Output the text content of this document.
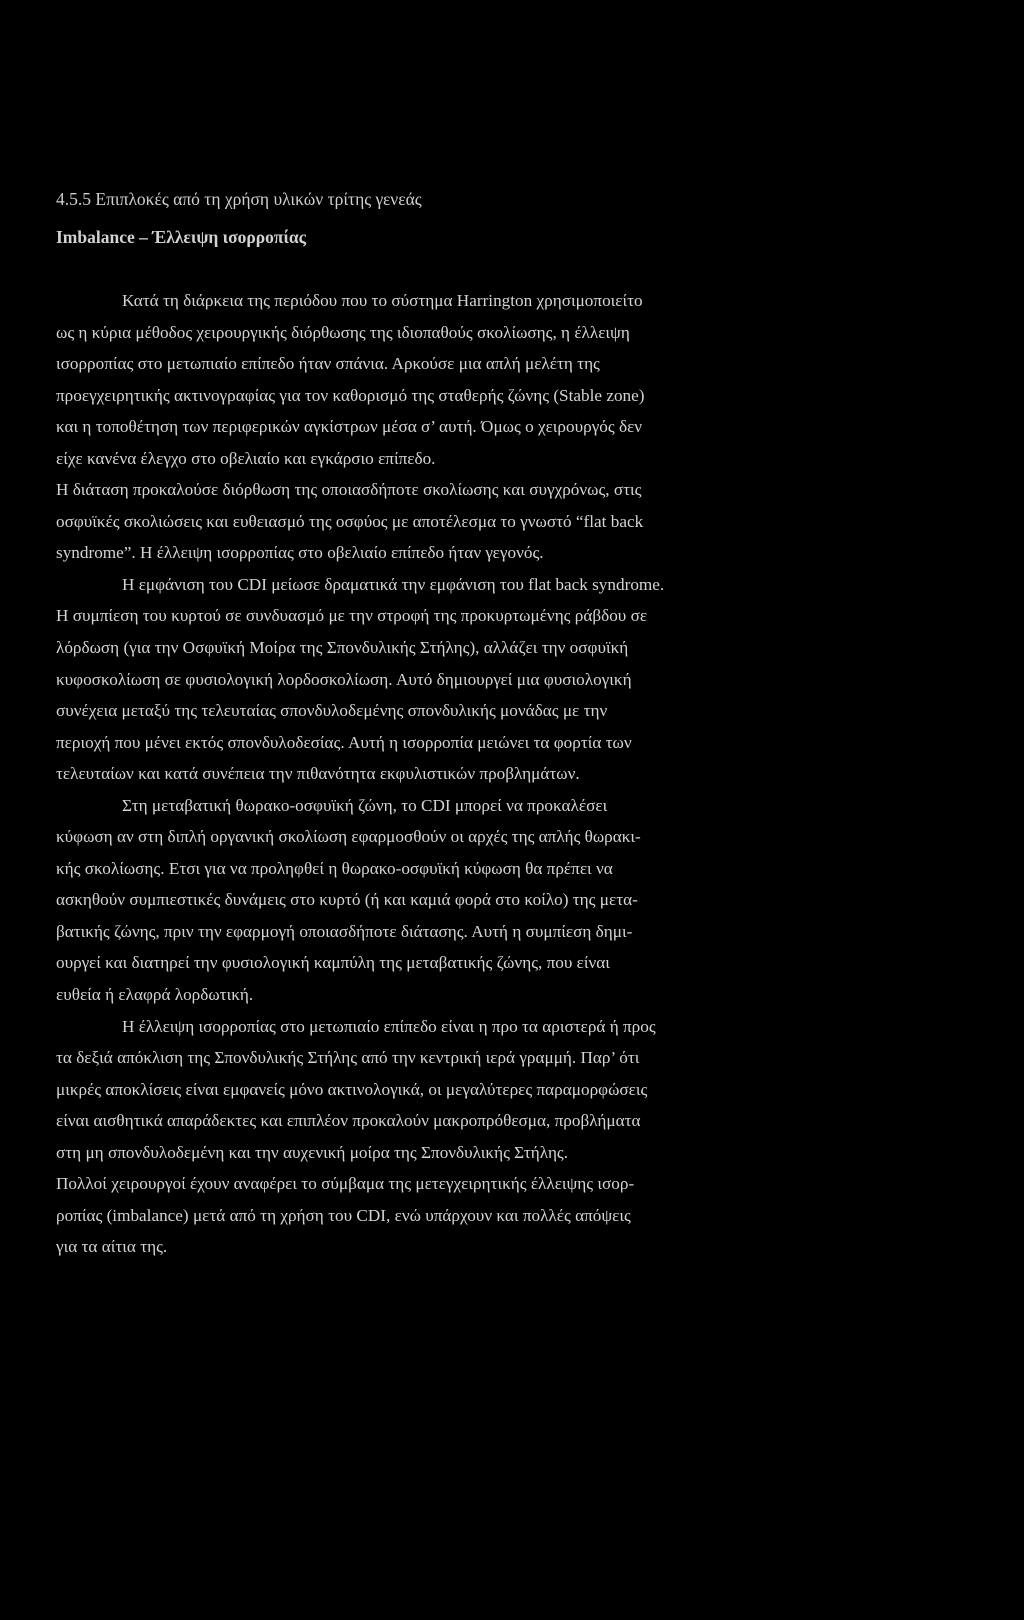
4.5.5 Επιπλοκές από τη χρήση υλικών τρίτης γενεάς
Imbalance – Έλλειψη ισορροπίας
Κατά τη διάρκεια της περιόδου που το σύστημα Harrington χρησιμοποιείτο
ως η κύρια μέθοδος χειρουργικής διόρθωσης της ιδιοπαθούς σκολίωσης, η έλλειψη
ισορροπίας στο μετωπιαίο επίπεδο ήταν σπάνια. Αρκούσε μια απλή μελέτη της
προεγχειρητικής ακτινογραφίας για τον καθορισμό της σταθερής ζώνης (Stable zone)
και η τοποθέτηση των περιφερικών αγκίστρων μέσα σ’ αυτή. Όμως ο χειρουργός δεν
είχε κανένα έλεγχο στο οβελιαίο και εγκάρσιο επίπεδο.
Η διάταση προκαλούσε διόρθωση της οποιασδήποτε σκολίωσης και συγχρόνως, στις
οσφυϊκές σκολιώσεις και ευθειασμό της οσφύος με αποτέλεσμα το γνωστό “flat back
syndrome”. Η έλλειψη ισορροπίας στο οβελιαίο επίπεδο ήταν γεγονός.
Η εμφάνιση του CDI μείωσε δραματικά την εμφάνιση του flat back syndrome.
Η συμπίεση του κυρτού σε συνδυασμό με την στροφή της προκυρτωμένης ράβδου σε
λόρδωση (για την Οσφυϊκή Μοίρα της Σπονδυλικής Στήλης), αλλάζει την οσφυϊκή
κυφοσκολίωση σε φυσιολογική λορδοσκολίωση. Αυτό δημιουργεί μια φυσιολογική
συνέχεια μεταξύ της τελευταίας σπονδυλοδεμένης σπονδυλικής μονάδας με την
περιοχή που μένει εκτός σπονδυλοδεσίας. Αυτή η ισορροπία μειώνει τα φορτία των
τελευταίων και κατά συνέπεια την πιθανότητα εκφυλιστικών προβλημάτων.
Στη μεταβατική θωρακο-οσφυϊκή ζώνη, το CDI μπορεί να προκαλέσει
κύφωση αν στη διπλή οργανική σκολίωση εφαρμοσθούν οι αρχές της απλής θωρακι-
κής σκολίωσης. Ετσι για να προληφθεί η θωρακο-οσφυϊκή κύφωση θα πρέπει να
ασκηθούν συμπιεστικές δυνάμεις στο κυρτό (ή και καμιά φορά στο κοίλο) της μετα-
βατικής ζώνης, πριν την εφαρμογή οποιασδήποτε διάτασης. Αυτή η συμπίεση δημι-
ουργεί και διατηρεί την φυσιολογική καμπύλη της μεταβατικής ζώνης, που είναι
ευθεία ή ελαφρά λορδωτική.
Η έλλειψη ισορροπίας στο μετωπιαίο επίπεδο είναι η προ τα αριστερά ή προς
τα δεξιά απόκλιση της Σπονδυλικής Στήλης από την κεντρική ιερά γραμμή. Παρ’ ότι
μικρές αποκλίσεις είναι εμφανείς μόνο ακτινολογικά, οι μεγαλύτερες παραμορφώσεις
είναι αισθητικά απαράδεκτες και επιπλέον προκαλούν μακροπρόθεσμα, προβλήματα
στη μη σπονδυλοδεμένη και την αυχενική μοίρα της Σπονδυλικής Στήλης.
Πολλοί χειρουργοί έχουν αναφέρει το σύμβαμα της μετεγχειρητικής έλλειψης ισορ-
ροπίας (imbalance) μετά από τη χρήση του CDI, ενώ υπάρχουν και πολλές απόψεις
για τα αίτια της.
